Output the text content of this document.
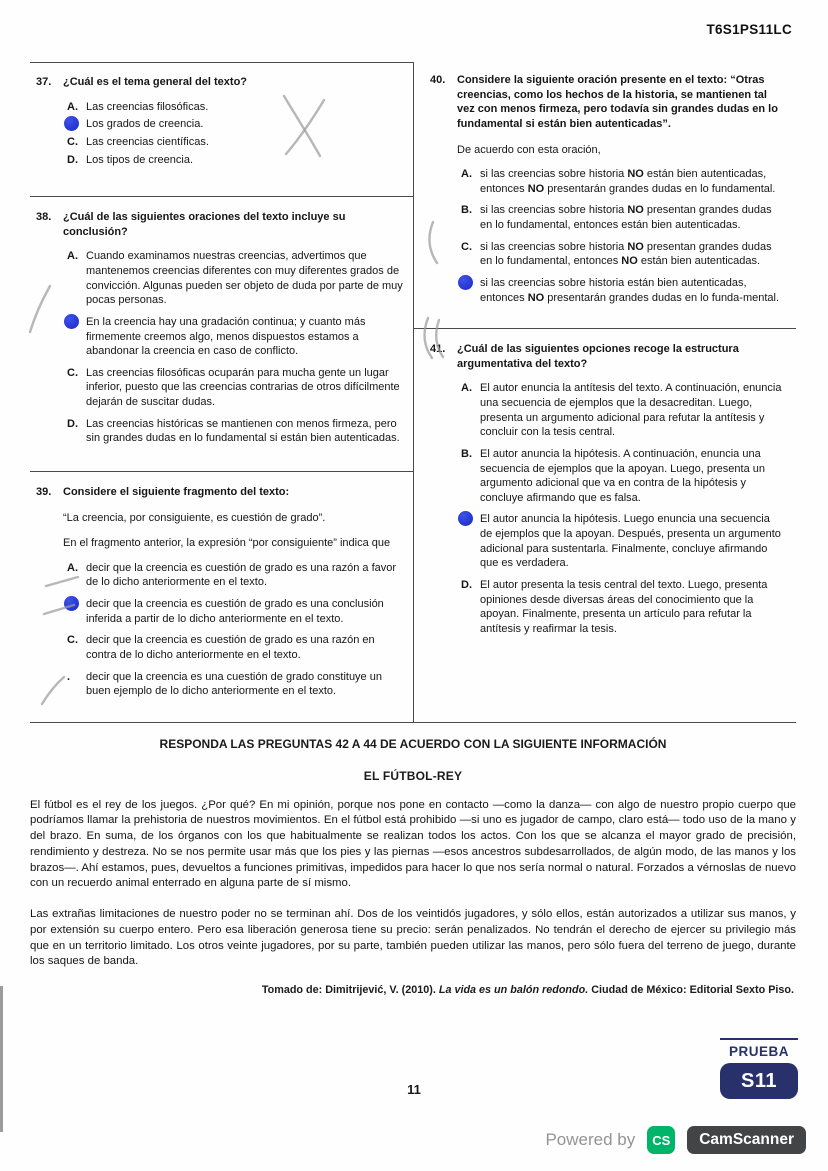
T6S1PS11LC
37.	¿Cuál es el tema general del texto?
A. Las creencias filosóficas.
Los grados de creencia.
C. Las creencias científicas.
D. Los tipos de creencia.
38.	¿Cuál de las siguientes oraciones del texto incluye su conclusión?
A. Cuando examinamos nuestras creencias, advertimos que mantenemos creencias diferentes con muy diferentes grados de convicción. Algunas pueden ser objeto de duda por parte de muy pocas personas.
En la creencia hay una gradación continua; y cuanto más firmemente creemos algo, menos dispuestos estamos a abandonar la creencia en caso de conflicto.
C. Las creencias filosóficas ocuparán para mucha gente un lugar inferior, puesto que las creencias contrarias de otros difícilmente dejarán de suscitar dudas.
D. Las creencias históricas se mantienen con menos firmeza, pero sin grandes dudas en lo fundamental si están bien autenticadas.
39.	Considere el siguiente fragmento del texto:

“La creencia, por consiguiente, es cuestión de grado”.

En el fragmento anterior, la expresión “por consiguiente” indica que

A. decir que la creencia es cuestión de grado es una razón a favor de lo dicho anteriormente en el texto.
decir que la creencia es cuestión de grado es una conclusión inferida a partir de lo dicho anteriormente en el texto.
C. decir que la creencia es cuestión de grado es una razón en contra de lo dicho anteriormente en el texto.
.	decir que la creencia es una cuestión de grado constituye un buen ejemplo de lo dicho anteriormente en el texto.
40.	Considere la siguiente oración presente en el texto: “Otras creencias, como los hechos de la historia, se mantienen tal vez con menos firmeza, pero todavía sin grandes dudas en lo fundamental si están bien autenticadas”.

De acuerdo con esta oración,

A. si las creencias sobre historia NO están bien autenticadas, entonces NO presentarán grandes dudas en lo fundamental.
B. si las creencias sobre historia NO presentan grandes dudas en lo fundamental, entonces están bien autenticadas.
C. si las creencias sobre historia NO presentan grandes dudas en lo fundamental, entonces NO están bien autenticadas.
si las creencias sobre historia están bien autenticadas, entonces NO presentarán grandes dudas en lo funda-mental.
41.	¿Cuál de las siguientes opciones recoge la estructura argumentativa del texto?
A. El autor enuncia la antítesis del texto. A continuación, enuncia una secuencia de ejemplos que la desacreditan. Luego, presenta un argumento adicional para refutar la antítesis y concluir con la tesis central.
B. El autor anuncia la hipótesis. A continuación, enuncia una secuencia de ejemplos que la apoyan. Luego, presenta un argumento adicional que va en contra de la hipótesis y concluye afirmando que es falsa.
El autor anuncia la hipótesis. Luego enuncia una secuencia de ejemplos que la apoyan. Después, presenta un argumento adicional para sustentarla. Finalmente, concluye afirmando que es verdadera.
D. El autor presenta la tesis central del texto. Luego, presenta opiniones desde diversas áreas del conocimiento que la apoyan. Finalmente, presenta un artículo para refutar la antítesis y reafirmar la tesis.
RESPONDA LAS PREGUNTAS 42 A 44 DE ACUERDO CON LA SIGUIENTE INFORMACIÓN
EL FÚTBOL-REY

El fútbol es el rey de los juegos. ¿Por qué? En mi opinión, porque nos pone en contacto —como la danza— con algo de nuestro propio cuerpo que podríamos llamar la prehistoria de nuestros movimientos. En el fútbol está prohibido —si uno es jugador de campo, claro está— todo uso de la mano y del brazo. En suma, de los órganos con los que habitualmente se realizan todos los actos. Con los que se alcanza el mayor grado de precisión, rendimiento y destreza. No se nos permite usar más que los pies y las piernas —esos ancestros subdesarrollados, de algún modo, de las manos y los brazos—. Ahí estamos, pues, devueltos a funciones primitivas, impedidos para hacer lo que nos sería normal o natural. Forzados a vérnoslas de nuevo con un recuerdo animal enterrado en alguna parte de sí mismo.

Las extrañas limitaciones de nuestro poder no se terminan ahí. Dos de los veintidós jugadores, y sólo ellos, están autorizados a utilizar sus manos, y por extensión su cuerpo entero. Pero esa liberación generosa tiene su precio: serán penalizados. No tendrán el derecho de ejercer su privilegio más que en un territorio limitado. Los otros veinte jugadores, por su parte, también pueden utilizar las manos, pero sólo fuera del terreno de juego, durante los saques de banda.

Tomado de: Dimitrijević, V. (2010). La vida es un balón redondo. Ciudad de México: Editorial Sexto Piso.

11
PRUEBA
S11
Powered by	CS	CamScanner
